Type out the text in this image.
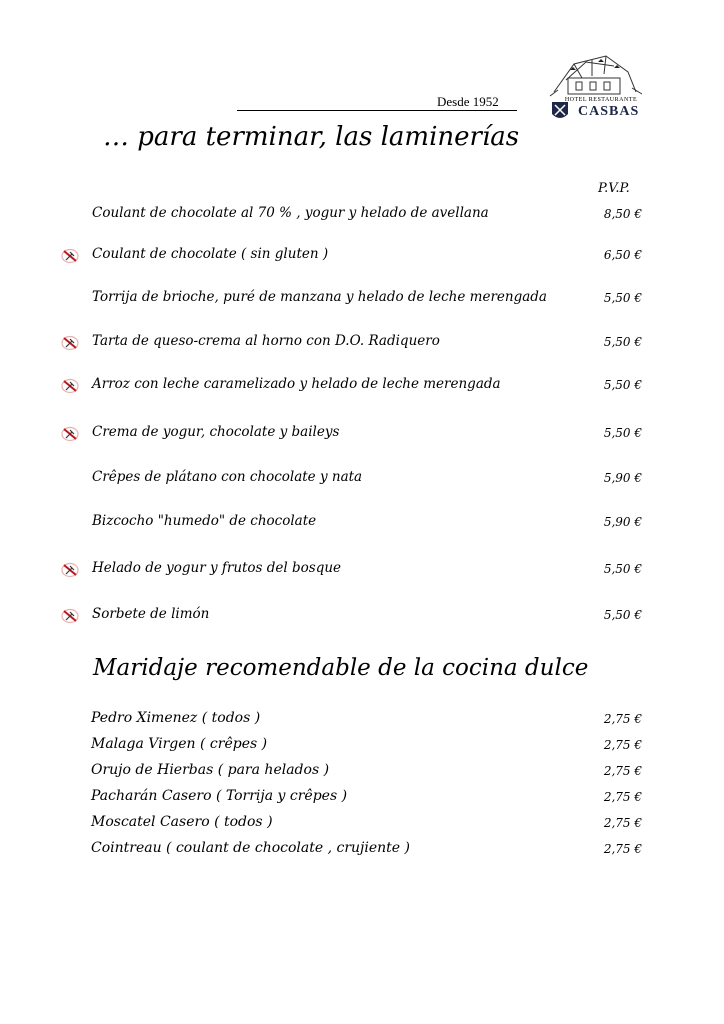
Desde 1952	HOTEL RESTAURANTE
CASBAS
… para terminar, las laminerías
P.V.P.
Coulant de chocolate al 70 % , yogur y helado de avellana	8,50 €
Coulant de chocolate ( sin gluten )	6,50 €
Torrija de brioche, puré de manzana y helado de leche merengada	5,50 €
Tarta de queso-crema al horno con D.O. Radiquero	5,50 €
Arroz con leche caramelizado y helado de leche merengada	5,50 €
Crema de yogur, chocolate y baileys	5,50 €
Crêpes de plátano con chocolate y nata	5,90 €
Bizcocho "humedo" de chocolate	5,90 €
Helado de yogur y frutos del bosque	5,50 €
Sorbete de limón	5,50 €
Maridaje recomendable de la cocina dulce
Pedro Ximenez ( todos )	2,75 €
Malaga Virgen ( crêpes )	2,75 €
Orujo de Hierbas ( para helados )	2,75 €
Pacharán Casero ( Torrija y crêpes )	2,75 €
Moscatel Casero ( todos )	2,75 €
Cointreau ( coulant de chocolate , crujiente )	2,75 €
